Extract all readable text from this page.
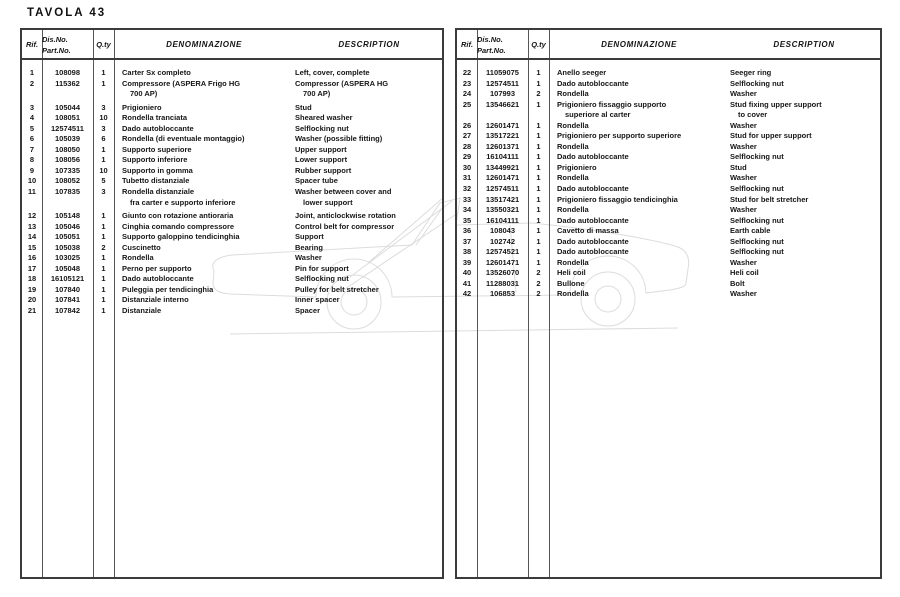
TAVOLA 43
Rif.
Dis.No.

Part.No.
Q.ty	DENOMINAZIONE	DESCRIPTION
1	108098	1	Carter Sx completo	Left, cover, complete
2	115362	1	Compressore (ASPERA Frigo HG	Compressor (ASPERA HG
700 AP)	700 AP)
3	105044	3	Prigioniero	Stud
4	108051	10	Rondella tranciata	Sheared washer
5	12574511	3	Dado autobloccante	Selflocking nut
6	105039	6	Rondella (di eventuale montaggio)	Washer (possible fitting)
7	108050	1	Supporto superiore	Upper support
8	108056	1	Supporto inferiore	Lower support
9	107335	10	Supporto in gomma	Rubber support
10	108052	5	Tubetto distanziale	Spacer tube
11	107835	3	Rondella distanziale	Washer between cover and
fra carter e supporto inferiore	lower support
12	105148	1	Giunto con rotazione antioraria	Joint, anticlockwise rotation
13	105046	1	Cinghia comando compressore	Control belt for compressor
14	105051	1	Supporto galoppino tendicinghia	Support
15	105038	2	Cuscinetto	Bearing
16	103025	1	Rondella	Washer
17	105048	1	Perno per supporto	Pin for support
18	16105121	1	Dado autobloccante	Selflocking nut
19	107840	1	Puleggia per tendicinghia	Pulley for belt stretcher
20	107841	1	Distanziale interno	Inner spacer
21	107842	1	Distanziale	Spacer
Rif.
Dis.No.

Part.No.
Q.ty	DENOMINAZIONE	DESCRIPTION
22	11059075	1	Anello seeger	Seeger ring
23	12574511	1	Dado autobloccante	Selflocking nut
24	107993	2	Rondella	Washer
25	13546621	1	Prigioniero fissaggio supporto	Stud fixing upper support
superiore al carter	to cover
26	12601471	1	Rondella	Washer
27	13517221	1	Prigioniero per supporto superiore	Stud for upper support
28	12601371	1	Rondella	Washer
29	16104111	1	Dado autobloccante	Selflocking nut
30	13449921	1	Prigioniero	Stud
31	12601471	1	Rondella	Washer
32	12574511	1	Dado autobloccante	Selflocking nut
33	13517421	1	Prigioniero fissaggio tendicinghia	Stud for belt stretcher
34	13550321	1	Rondella	Washer
35	16104111	1	Dado autobloccante	Selflocking nut
36	108043	1	Cavetto di massa	Earth cable
37	102742	1	Dado autobloccante	Selflocking nut
38	12574521	1	Dado autobloccante	Selflocking nut
39	12601471	1	Rondella	Washer
40	13526070	2	Heli coil	Heli coil
41	11288031	2	Bullone	Bolt
42	106853	2	Rondella	Washer
